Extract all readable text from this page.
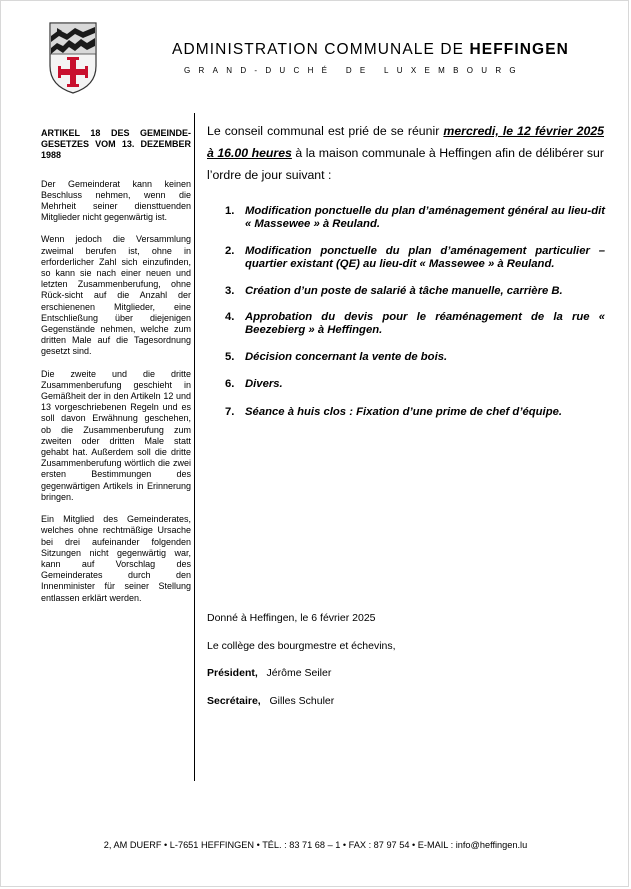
ADMINISTRATION COMMUNALE DE HEFFINGEN
GRAND-DUCHÉ DE LUXEMBOURG
ARTIKEL 18 DES GEMEINDE-GESETZES VOM 13. DEZEMBER 1988

Der Gemeinderat kann keinen Beschluss nehmen, wenn die Mehrheit seiner diensttuenden Mitglieder nicht gegenwärtig ist.

Wenn jedoch die Versammlung zweimal berufen ist, ohne in erforderlicher Zahl sich einzufinden, so kann sie nach einer neuen und letzten Zusammenberufung, ohne Rück-sicht auf die Anzahl der erschienenen Mitglieder, eine Entschließung über diejenigen Gegenstände nehmen, welche zum dritten Male auf die Tagesordnung gesetzt sind.

Die zweite und die dritte Zusammenberufung geschieht in Gemäßheit der in den Artikeln 12 und 13 vorgeschriebenen Regeln und es soll davon Erwähnung geschehen, ob die Zusammenberufung zum zweiten oder dritten Male statt gehabt hat. Außerdem soll die dritte Zusammenberufung wörtlich die zwei ersten Bestimmungen des gegenwärtigen Artikels in Erinnerung bringen.

Ein Mitglied des Gemeinderates, welches ohne rechtmäßige Ursache bei drei aufeinander folgenden Sitzungen nicht gegenwärtig war, kann auf Vorschlag des Gemeinderates durch den Innenminister für seiner Stellung entlassen erklärt werden.

Le conseil communal est prié de se réunir mercredi, le 12 février 2025 à 16.00 heures à la maison communale à Heffingen afin de délibérer sur l’ordre de jour suivant :

1. Modification ponctuelle du plan d’aménagement général au lieu-dit « Massewee » à Reuland.
2. Modification ponctuelle du plan d’aménagement particulier – quartier existant (QE) au lieu-dit « Massewee » à Reuland.
3. Création d’un poste de salarié à tâche manuelle, carrière B.
4. Approbation du devis pour le réaménagement de la rue « Beezebierg » à Heffingen.
5. Décision concernant la vente de bois.
6. Divers.
7. Séance à huis clos : Fixation d’une prime de chef d’équipe.
Donné à Heffingen, le 6 février 2025
Le collège des bourgmestre et échevins,
Président, Jérôme Seiler
Secrétaire, Gilles Schuler
2, AM DUERF • L-7651 HEFFINGEN • TÉL. : 83 71 68 – 1 • FAX : 87 97 54 • E-MAIL : info@heffingen.lu
